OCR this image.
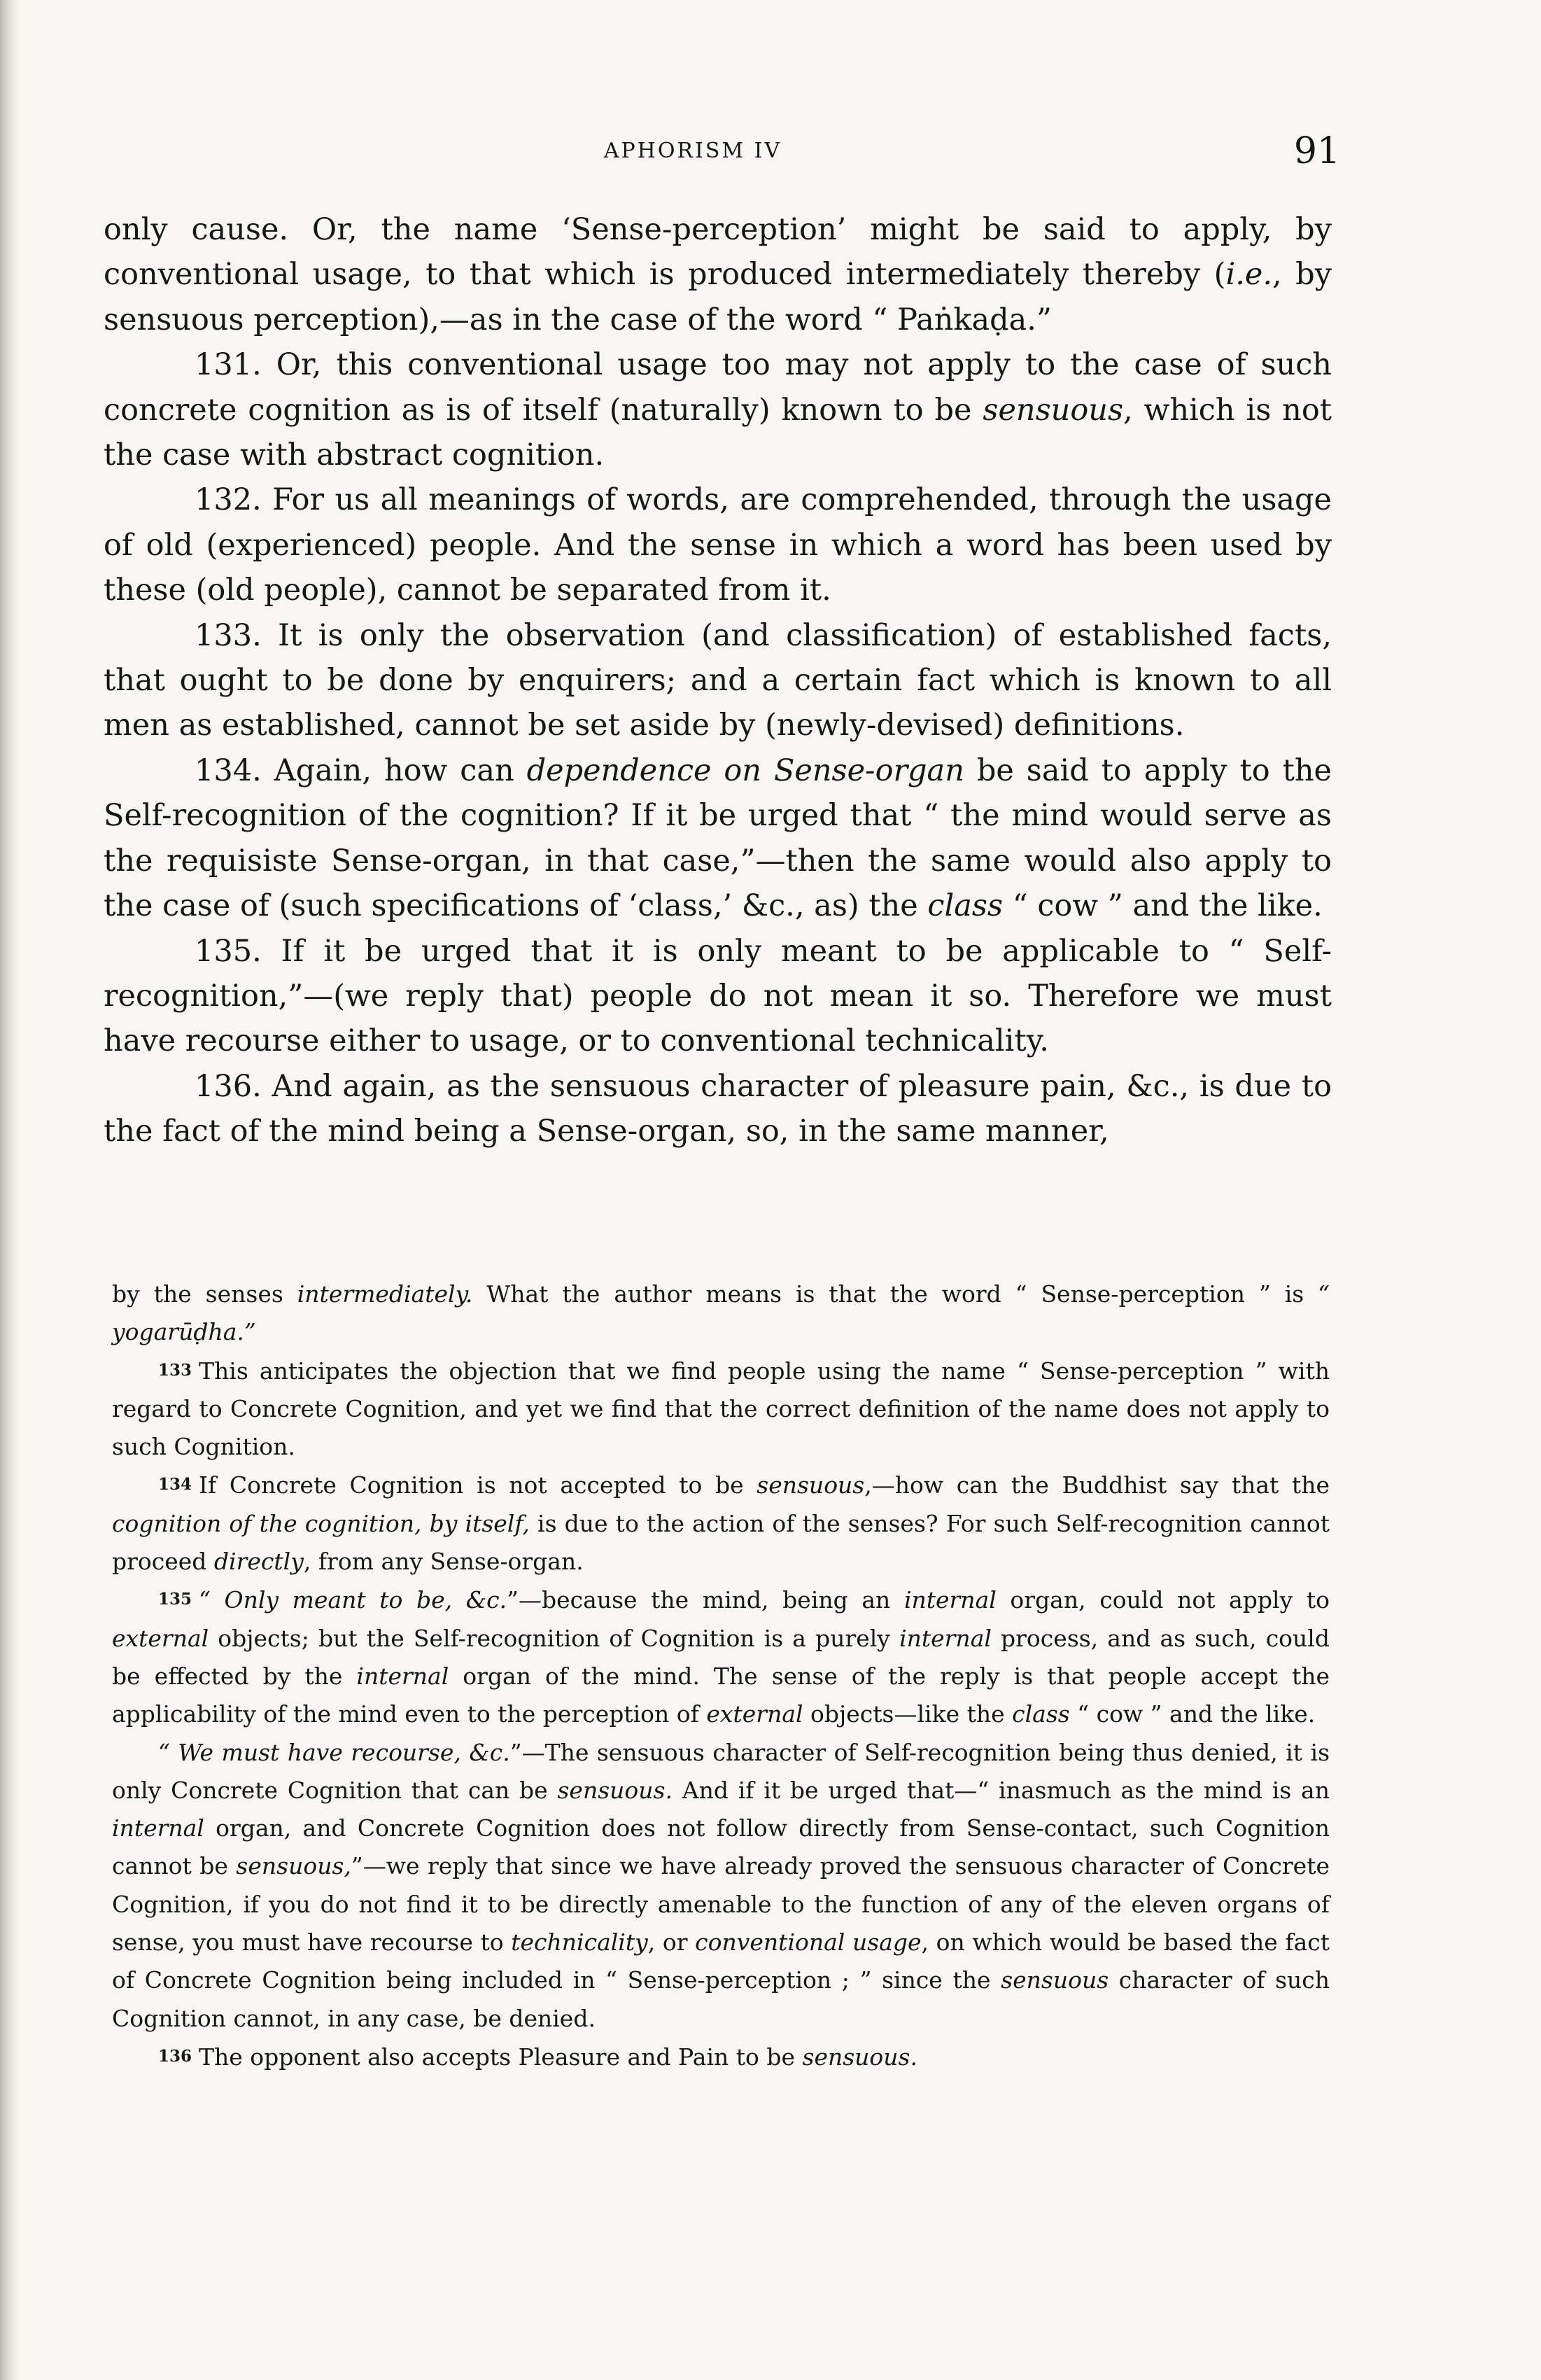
APHORISM IV	91

only cause. Or, the name ‘Sense-perception’ might be said to apply, by conventional usage, to that which is produced intermediately thereby (i.e., by sensuous perception),—as in the case of the word “ Paṅkaḍa.”

131. Or, this conventional usage too may not apply to the case of such concrete cognition as is of itself (naturally) known to be sensuous, which is not the case with abstract cognition.

132. For us all meanings of words, are comprehended, through the usage of old (experienced) people. And the sense in which a word has been used by these (old people), cannot be separated from it.

133. It is only the observation (and classification) of established facts, that ought to be done by enquirers; and a certain fact which is known to all men as established, cannot be set aside by (newly-devised) definitions.

134. Again, how can dependence on Sense-organ be said to apply to the Self-recognition of the cognition? If it be urged that “ the mind would serve as the requisiste Sense-organ, in that case,”—then the same would also apply to the case of (such specifications of ‘class,’ &c., as) the class “ cow ” and the like.

135. If it be urged that it is only meant to be applicable to “ Self-recognition,”—(we reply that) people do not mean it so. Therefore we must have recourse either to usage, or to conventional technicality.

136. And again, as the sensuous character of pleasure pain, &c., is due to the fact of the mind being a Sense-organ, so, in the same manner,

by the senses intermediately. What the author means is that the word “ Sense-perception ” is “ yogarūḍha.”

133 This anticipates the objection that we find people using the name “ Sense-perception ” with regard to Concrete Cognition, and yet we find that the correct definition of the name does not apply to such Cognition.

134 If Concrete Cognition is not accepted to be sensuous,—how can the Buddhist say that the cognition of the cognition, by itself, is due to the action of the senses? For such Self-recognition cannot proceed directly, from any Sense-organ.

135 “ Only meant to be, &c.”—because the mind, being an internal organ, could not apply to external objects; but the Self-recognition of Cognition is a purely internal process, and as such, could be effected by the internal organ of the mind. The sense of the reply is that people accept the applicability of the mind even to the perception of external objects—like the class “ cow ” and the like.

“ We must have recourse, &c.”—The sensuous character of Self-recognition being thus denied, it is only Concrete Cognition that can be sensuous. And if it be urged that—“ inasmuch as the mind is an internal organ, and Concrete Cognition does not follow directly from Sense-contact, such Cognition cannot be sensuous,”—we reply that since we have already proved the sensuous character of Concrete Cognition, if you do not find it to be directly amenable to the function of any of the eleven organs of sense, you must have recourse to technicality, or conventional usage, on which would be based the fact of Concrete Cognition being included in “ Sense-perception ; ” since the sensuous character of such Cognition cannot, in any case, be denied.

136 The opponent also accepts Pleasure and Pain to be sensuous.
